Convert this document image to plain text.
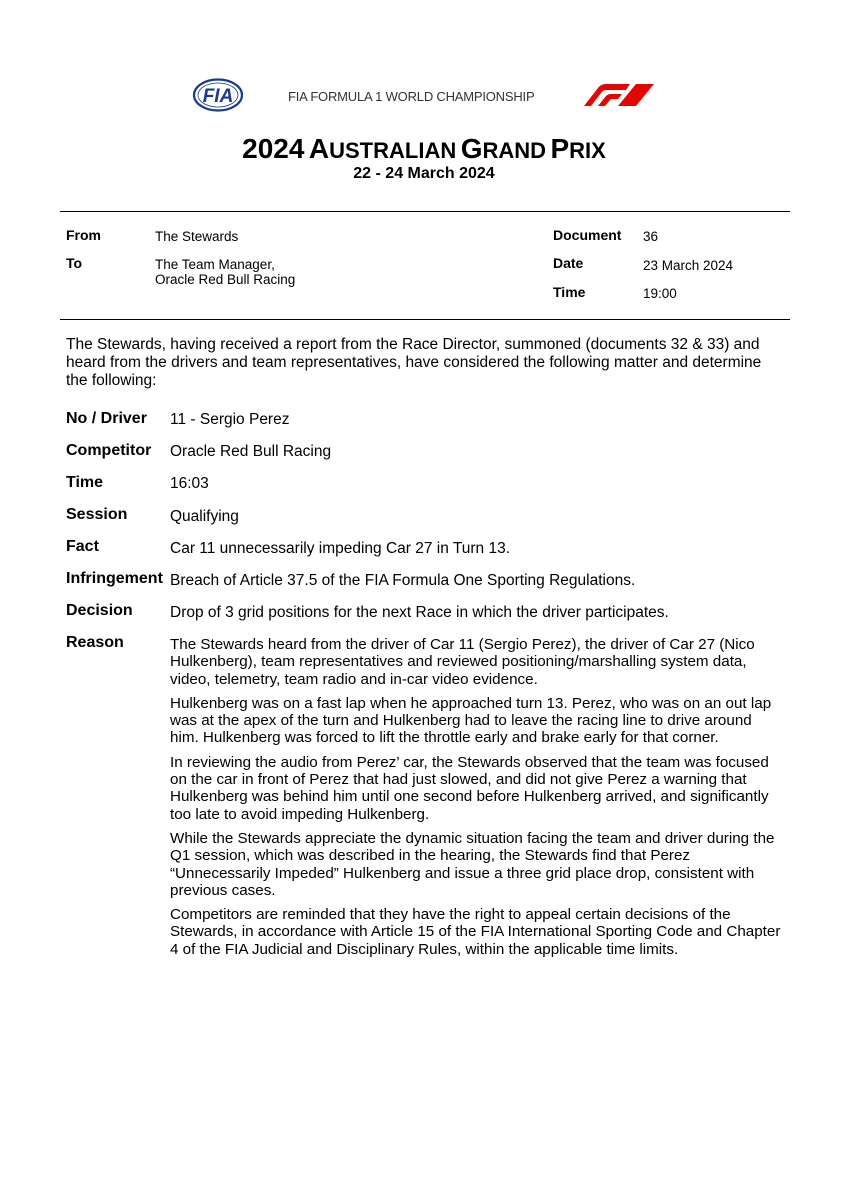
FIA	FIA FORMULA 1 WORLD CHAMPIONSHIP
2024 AUSTRALIAN GRAND PRIX
22 - 24 March 2024
From	The Stewards
To	The Team Manager,
Oracle Red Bull Racing
Document 36
Date	23 March 2024
Time	19:00
The Stewards, having received a report from the Race Director, summoned (documents 32 & 33) and heard from the drivers and team representatives, have considered the following matter and determine the following:
No / Driver 11 - Sergio Perez
Competitor Oracle Red Bull Racing
Time	16:03
Session	Qualifying
Fact	Car 11 unnecessarily impeding Car 27 in Turn 13.
Infringement Breach of Article 37.5 of the FIA Formula One Sporting Regulations.
Decision Drop of 3 grid positions for the next Race in which the driver participates.
Reason	The Stewards heard from the driver of Car 11 (Sergio Perez), the driver of Car 27 (Nico Hulkenberg), team representatives and reviewed positioning/marshalling system data, video, telemetry, team radio and in-car video evidence.

Hulkenberg was on a fast lap when he approached turn 13. Perez, who was on an out lap was at the apex of the turn and Hulkenberg had to leave the racing line to drive around him. Hulkenberg was forced to lift the throttle early and brake early for that corner.

In reviewing the audio from Perez’ car, the Stewards observed that the team was focused on the car in front of Perez that had just slowed, and did not give Perez a warning that Hulkenberg was behind him until one second before Hulkenberg arrived, and significantly too late to avoid impeding Hulkenberg.

While the Stewards appreciate the dynamic situation facing the team and driver during the Q1 session, which was described in the hearing, the Stewards find that Perez “Unnecessarily Impeded” Hulkenberg and issue a three grid place drop, consistent with previous cases.

Competitors are reminded that they have the right to appeal certain decisions of the Stewards, in accordance with Article 15 of the FIA International Sporting Code and Chapter 4 of the FIA Judicial and Disciplinary Rules, within the applicable time limits.
